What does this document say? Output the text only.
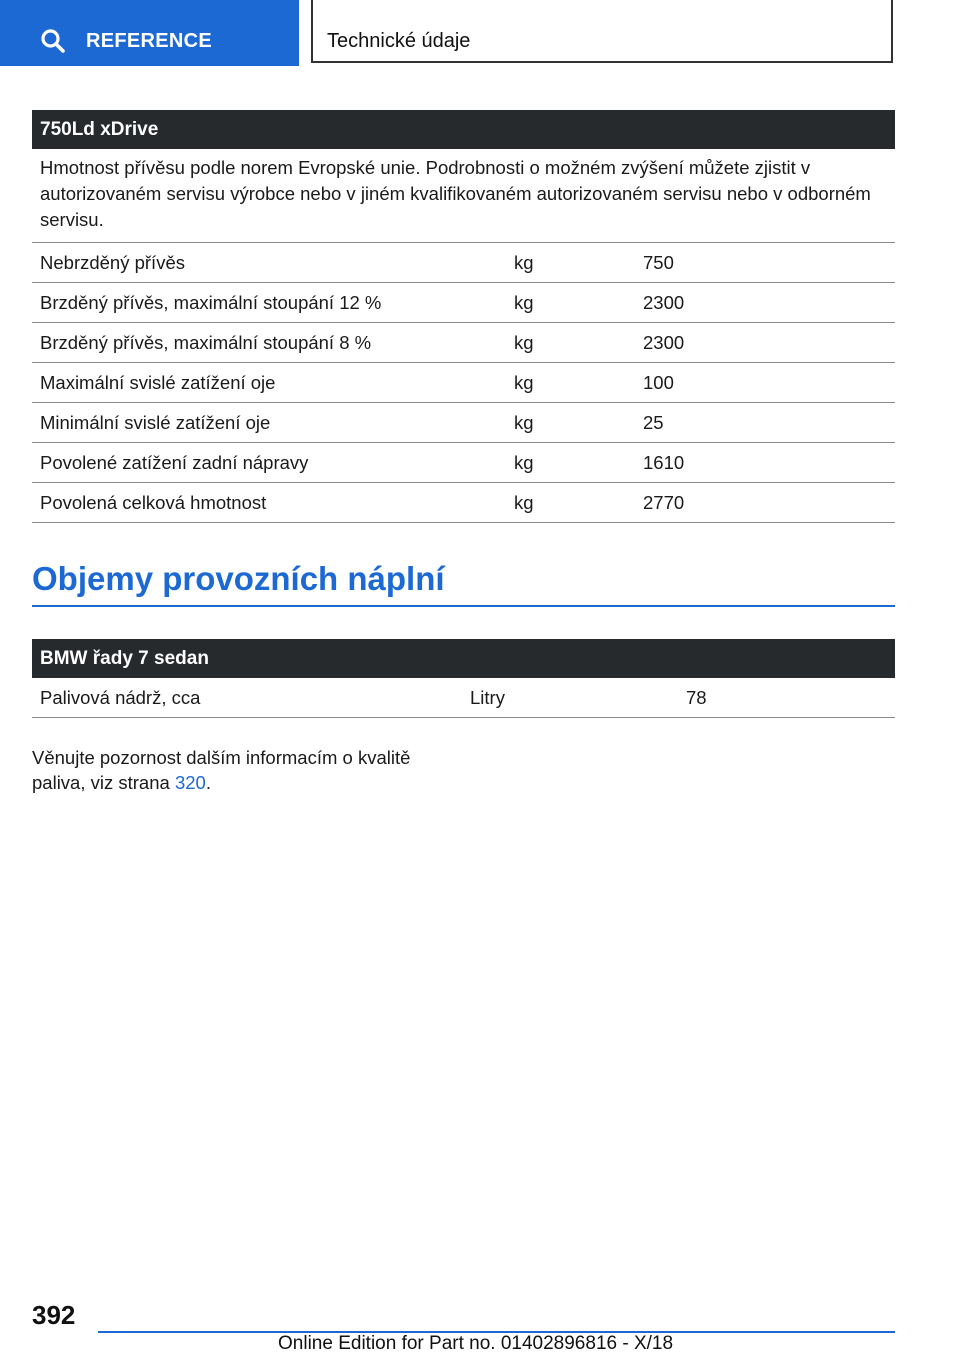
REFERENCE	Technické údaje
750Ld xDrive
Hmotnost přívěsu podle norem Evropské unie. Podrobnosti o možném zvýšení můžete zjistit v autorizovaném servisu výrobce nebo v jiném kvalifikovaném autorizovaném servisu nebo v odborném servisu.
Nebrzděný přívěs	kg	750
Brzděný přívěs, maximální stoupání 12 %	kg	2300
Brzděný přívěs, maximální stoupání 8 %	kg	2300
Maximální svislé zatížení oje	kg	100
Minimální svislé zatížení oje	kg	25
Povolené zatížení zadní nápravy	kg	1610
Povolená celková hmotnost	kg	2770
Objemy provozních náplní
BMW řady 7 sedan
Palivová nádrž, cca	Litry	78
Věnujte pozornost dalším informacím o kvalitě paliva, viz strana 320.
392
Online Edition for Part no. 01402896816 - X/18
